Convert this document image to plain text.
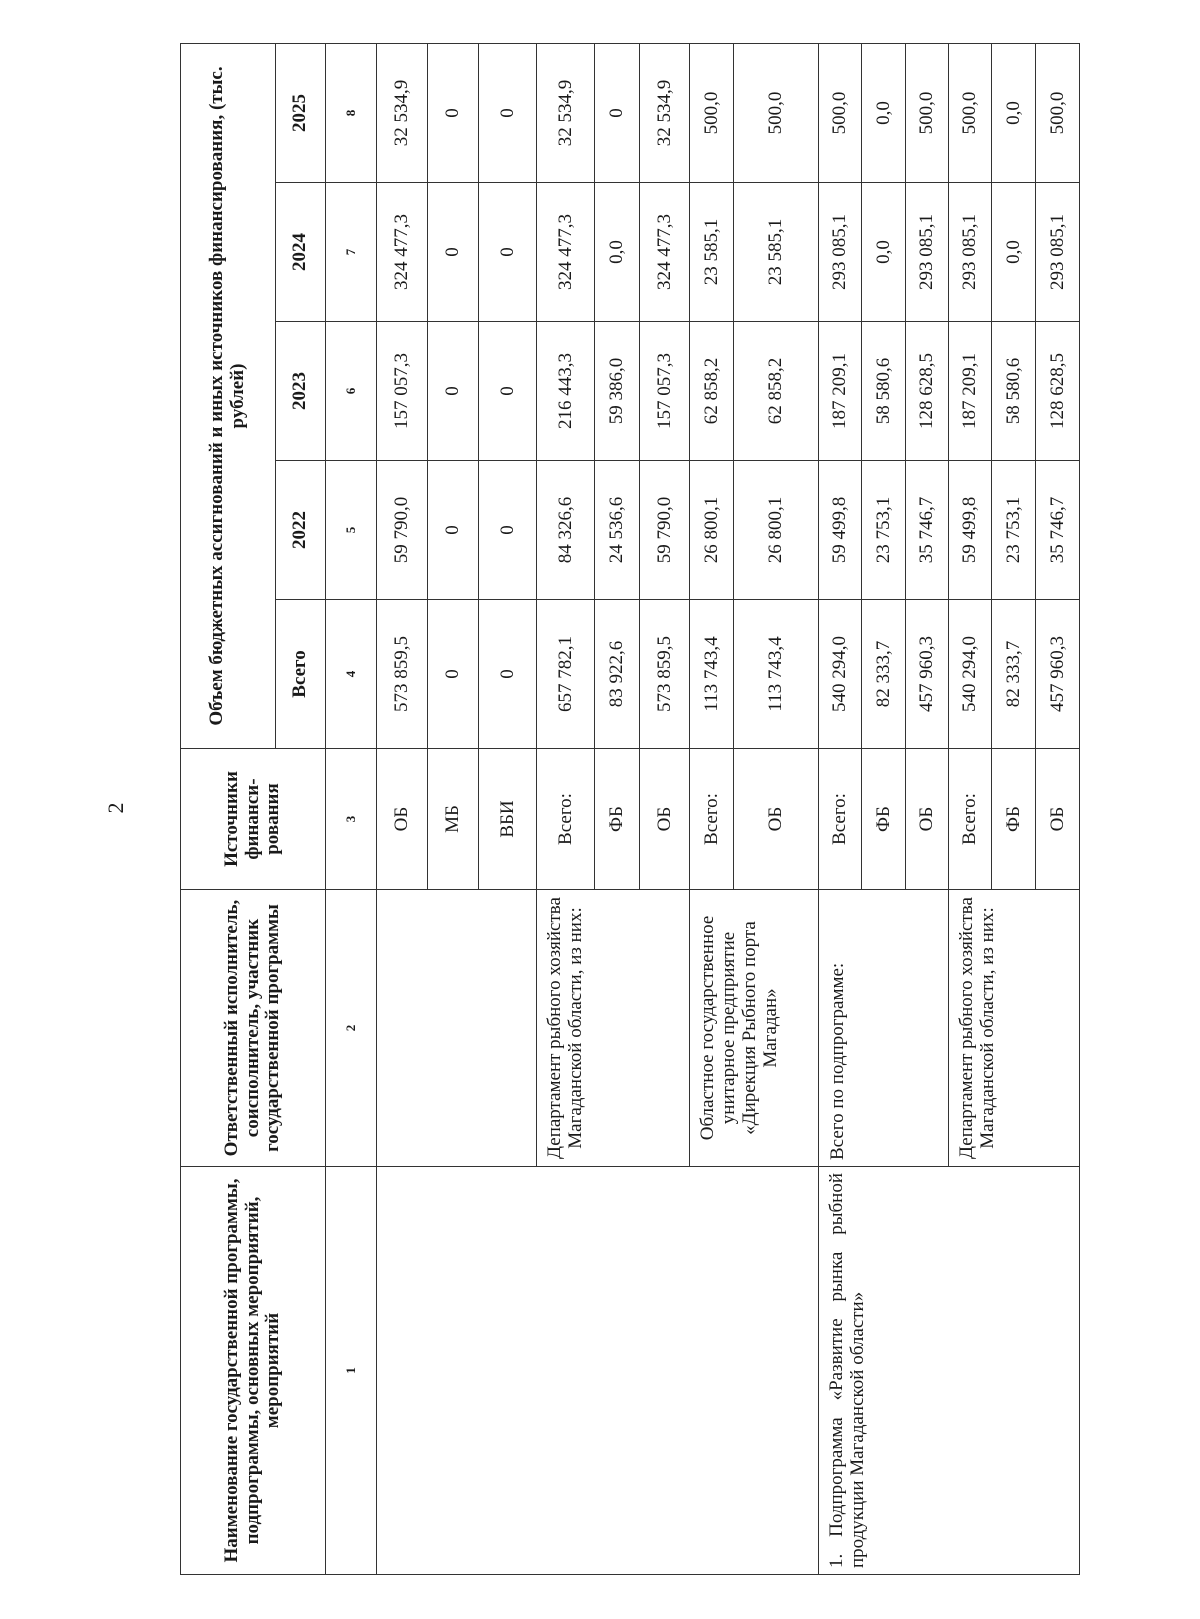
2
Наименование государственной программы, подпрограммы, основных мероприятий, мероприятий	Ответственный исполнитель, соисполнитель, участник государственной программы	Источники финанси-рования	Объем бюджетных ассигнований и иных источников финансирования, (тыс. рублей)				
			Всего	2022	2023	2024	2025
1	2	3	4	5	6	7	8
		ОБ	573 859,5	59 790,0	157 057,3	324 477,3	32 534,9
		МБ	0	0	0	0	0
		ВБИ	0	0	0	0	0
	Департамент рыбного хозяйства Магаданской области, из них:	Всего:	657 782,1	84 326,6	216 443,3	324 477,3	32 534,9
		ФБ	83 922,6	24 536,6	59 386,0	0,0	0
		ОБ	573 859,5	59 790,0	157 057,3	324 477,3	32 534,9
	Областное государственное унитарное предприятие «Дирекция Рыбного порта Магадан»	Всего:	113 743,4	26 800,1	62 858,2	23 585,1	500,0
		ОБ	113 743,4	26 800,1	62 858,2	23 585,1	500,0
1. Подпрограмма «Развитие рынка рыбной продукции Магаданской области»	Всего по подпрограмме:	Всего:	540 294,0	59 499,8	187 209,1	293 085,1	500,0
		ФБ	82 333,7	23 753,1	58 580,6	0,0	0,0
		ОБ	457 960,3	35 746,7	128 628,5	293 085,1	500,0
	Департамент рыбного хозяйства Магаданской области, из них:	Всего:	540 294,0	59 499,8	187 209,1	293 085,1	500,0
		ФБ	82 333,7	23 753,1	58 580,6	0,0	0,0
		ОБ	457 960,3	35 746,7	128 628,5	293 085,1	500,0
